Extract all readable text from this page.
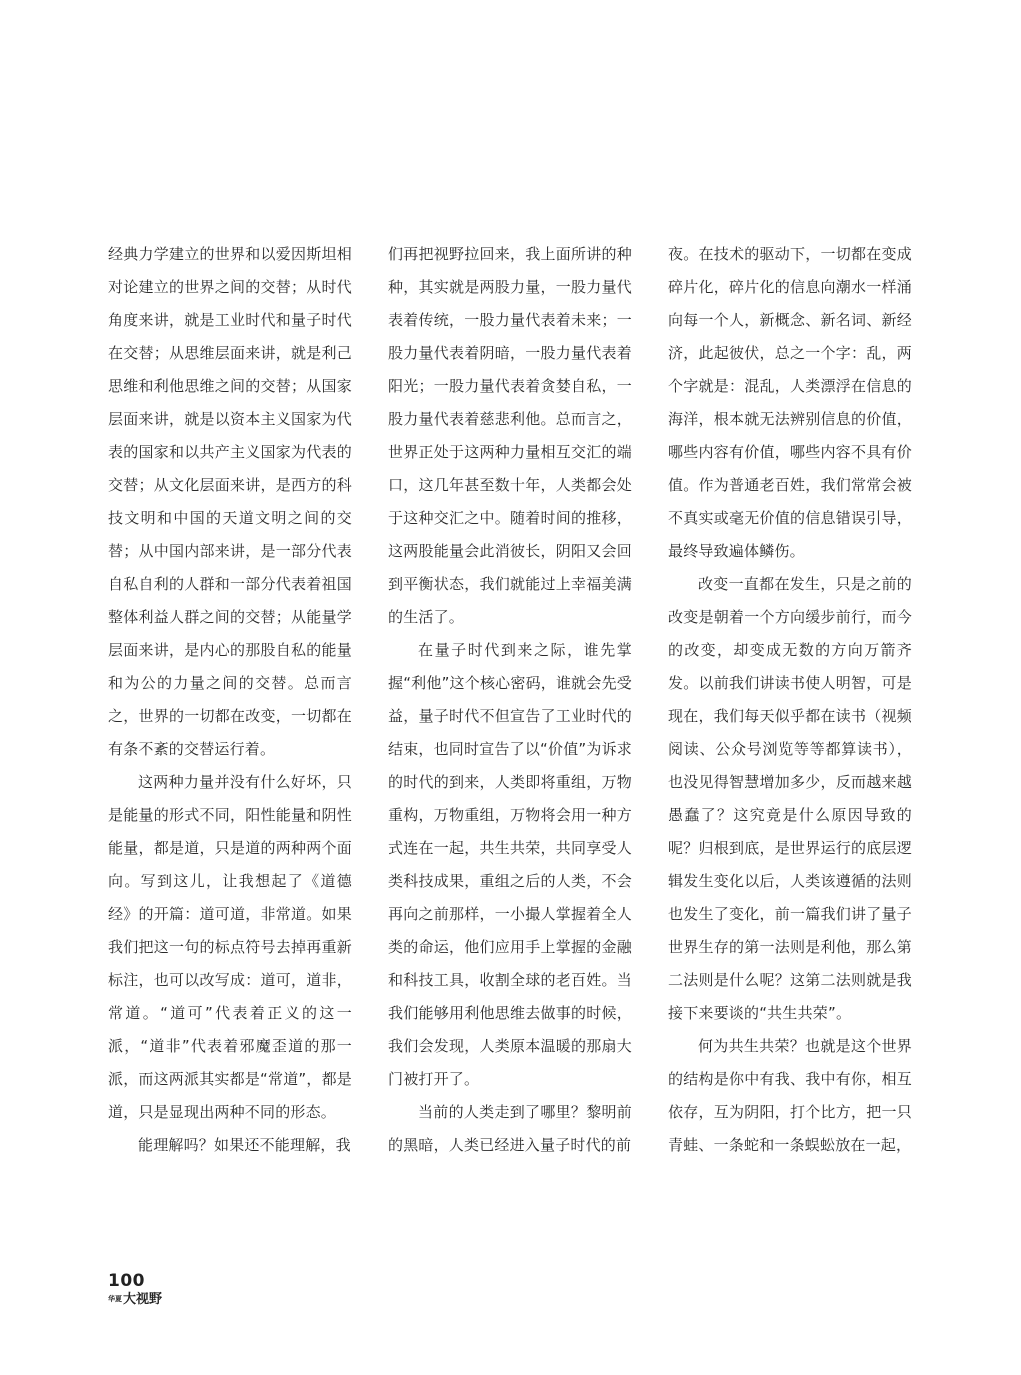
经典力学建立的世界和以爱因斯坦相对论建立的世界之间的交替；从时代角度来讲，就是工业时代和量子时代在交替；从思维层面来讲，就是利己思维和利他思维之间的交替；从国家层面来讲，就是以资本主义国家为代表的国家和以共产主义国家为代表的交替；从文化层面来讲，是西方的科技文明和中国的天道文明之间的交替；从中国内部来讲，是一部分代表自私自利的人群和一部分代表着祖国整体利益人群之间的交替；从能量学层面来讲，是内心的那股自私的能量和为公的力量之间的交替。总而言之，世界的一切都在改变，一切都在有条不紊的交替运行着。
这两种力量并没有什么好坏，只是能量的形式不同，阳性能量和阴性能量，都是道，只是道的两种两个面向。写到这儿，让我想起了《道德经》的开篇：道可道，非常道。如果我们把这一句的标点符号去掉再重新标注，也可以改写成：道可，道非，常道。“道可”代表着正义的这一派，“道非”代表着邪魔歪道的那一派，而这两派其实都是“常道”，都是道，只是显现出两种不同的形态。
能理解吗？如果还不能理解，我
们再把视野拉回来，我上面所讲的种种，其实就是两股力量，一股力量代表着传统，一股力量代表着未来；一股力量代表着阴暗，一股力量代表着阳光；一股力量代表着贪婪自私，一股力量代表着慈悲利他。总而言之，世界正处于这两种力量相互交汇的端口，这几年甚至数十年，人类都会处于这种交汇之中。随着时间的推移，这两股能量会此消彼长，阴阳又会回到平衡状态，我们就能过上幸福美满的生活了。
在量子时代到来之际，谁先掌握“利他”这个核心密码，谁就会先受益，量子时代不但宣告了工业时代的结束，也同时宣告了以“价值”为诉求的时代的到来，人类即将重组，万物重构，万物重组，万物将会用一种方式连在一起，共生共荣，共同享受人类科技成果，重组之后的人类，不会再向之前那样，一小撮人掌握着全人类的命运，他们应用手上掌握的金融和科技工具，收割全球的老百姓。当我们能够用利他思维去做事的时候，我们会发现，人类原本温暖的那扇大门被打开了。
当前的人类走到了哪里？黎明前的黑暗，人类已经进入量子时代的前
夜。在技术的驱动下，一切都在变成碎片化，碎片化的信息向潮水一样涌向每一个人，新概念、新名词、新经济，此起彼伏，总之一个字：乱，两个字就是：混乱，人类漂浮在信息的海洋，根本就无法辨别信息的价值，哪些内容有价值，哪些内容不具有价值。作为普通老百姓，我们常常会被不真实或毫无价值的信息错误引导，最终导致遍体鳞伤。
改变一直都在发生，只是之前的改变是朝着一个方向缓步前行，而今的改变，却变成无数的方向万箭齐发。以前我们讲读书使人明智，可是现在，我们每天似乎都在读书（视频阅读、公众号浏览等等都算读书），也没见得智慧增加多少，反而越来越愚蠢了？这究竟是什么原因导致的呢？归根到底，是世界运行的底层逻辑发生变化以后，人类该遵循的法则也发生了变化，前一篇我们讲了量子世界生存的第一法则是利他，那么第二法则是什么呢？这第二法则就是我接下来要谈的“共生共荣”。
何为共生共荣？也就是这个世界的结构是你中有我、我中有你，相互依存，互为阴阳，打个比方，把一只青蛙、一条蛇和一条蜈蚣放在一起，
100
华夏大视野
